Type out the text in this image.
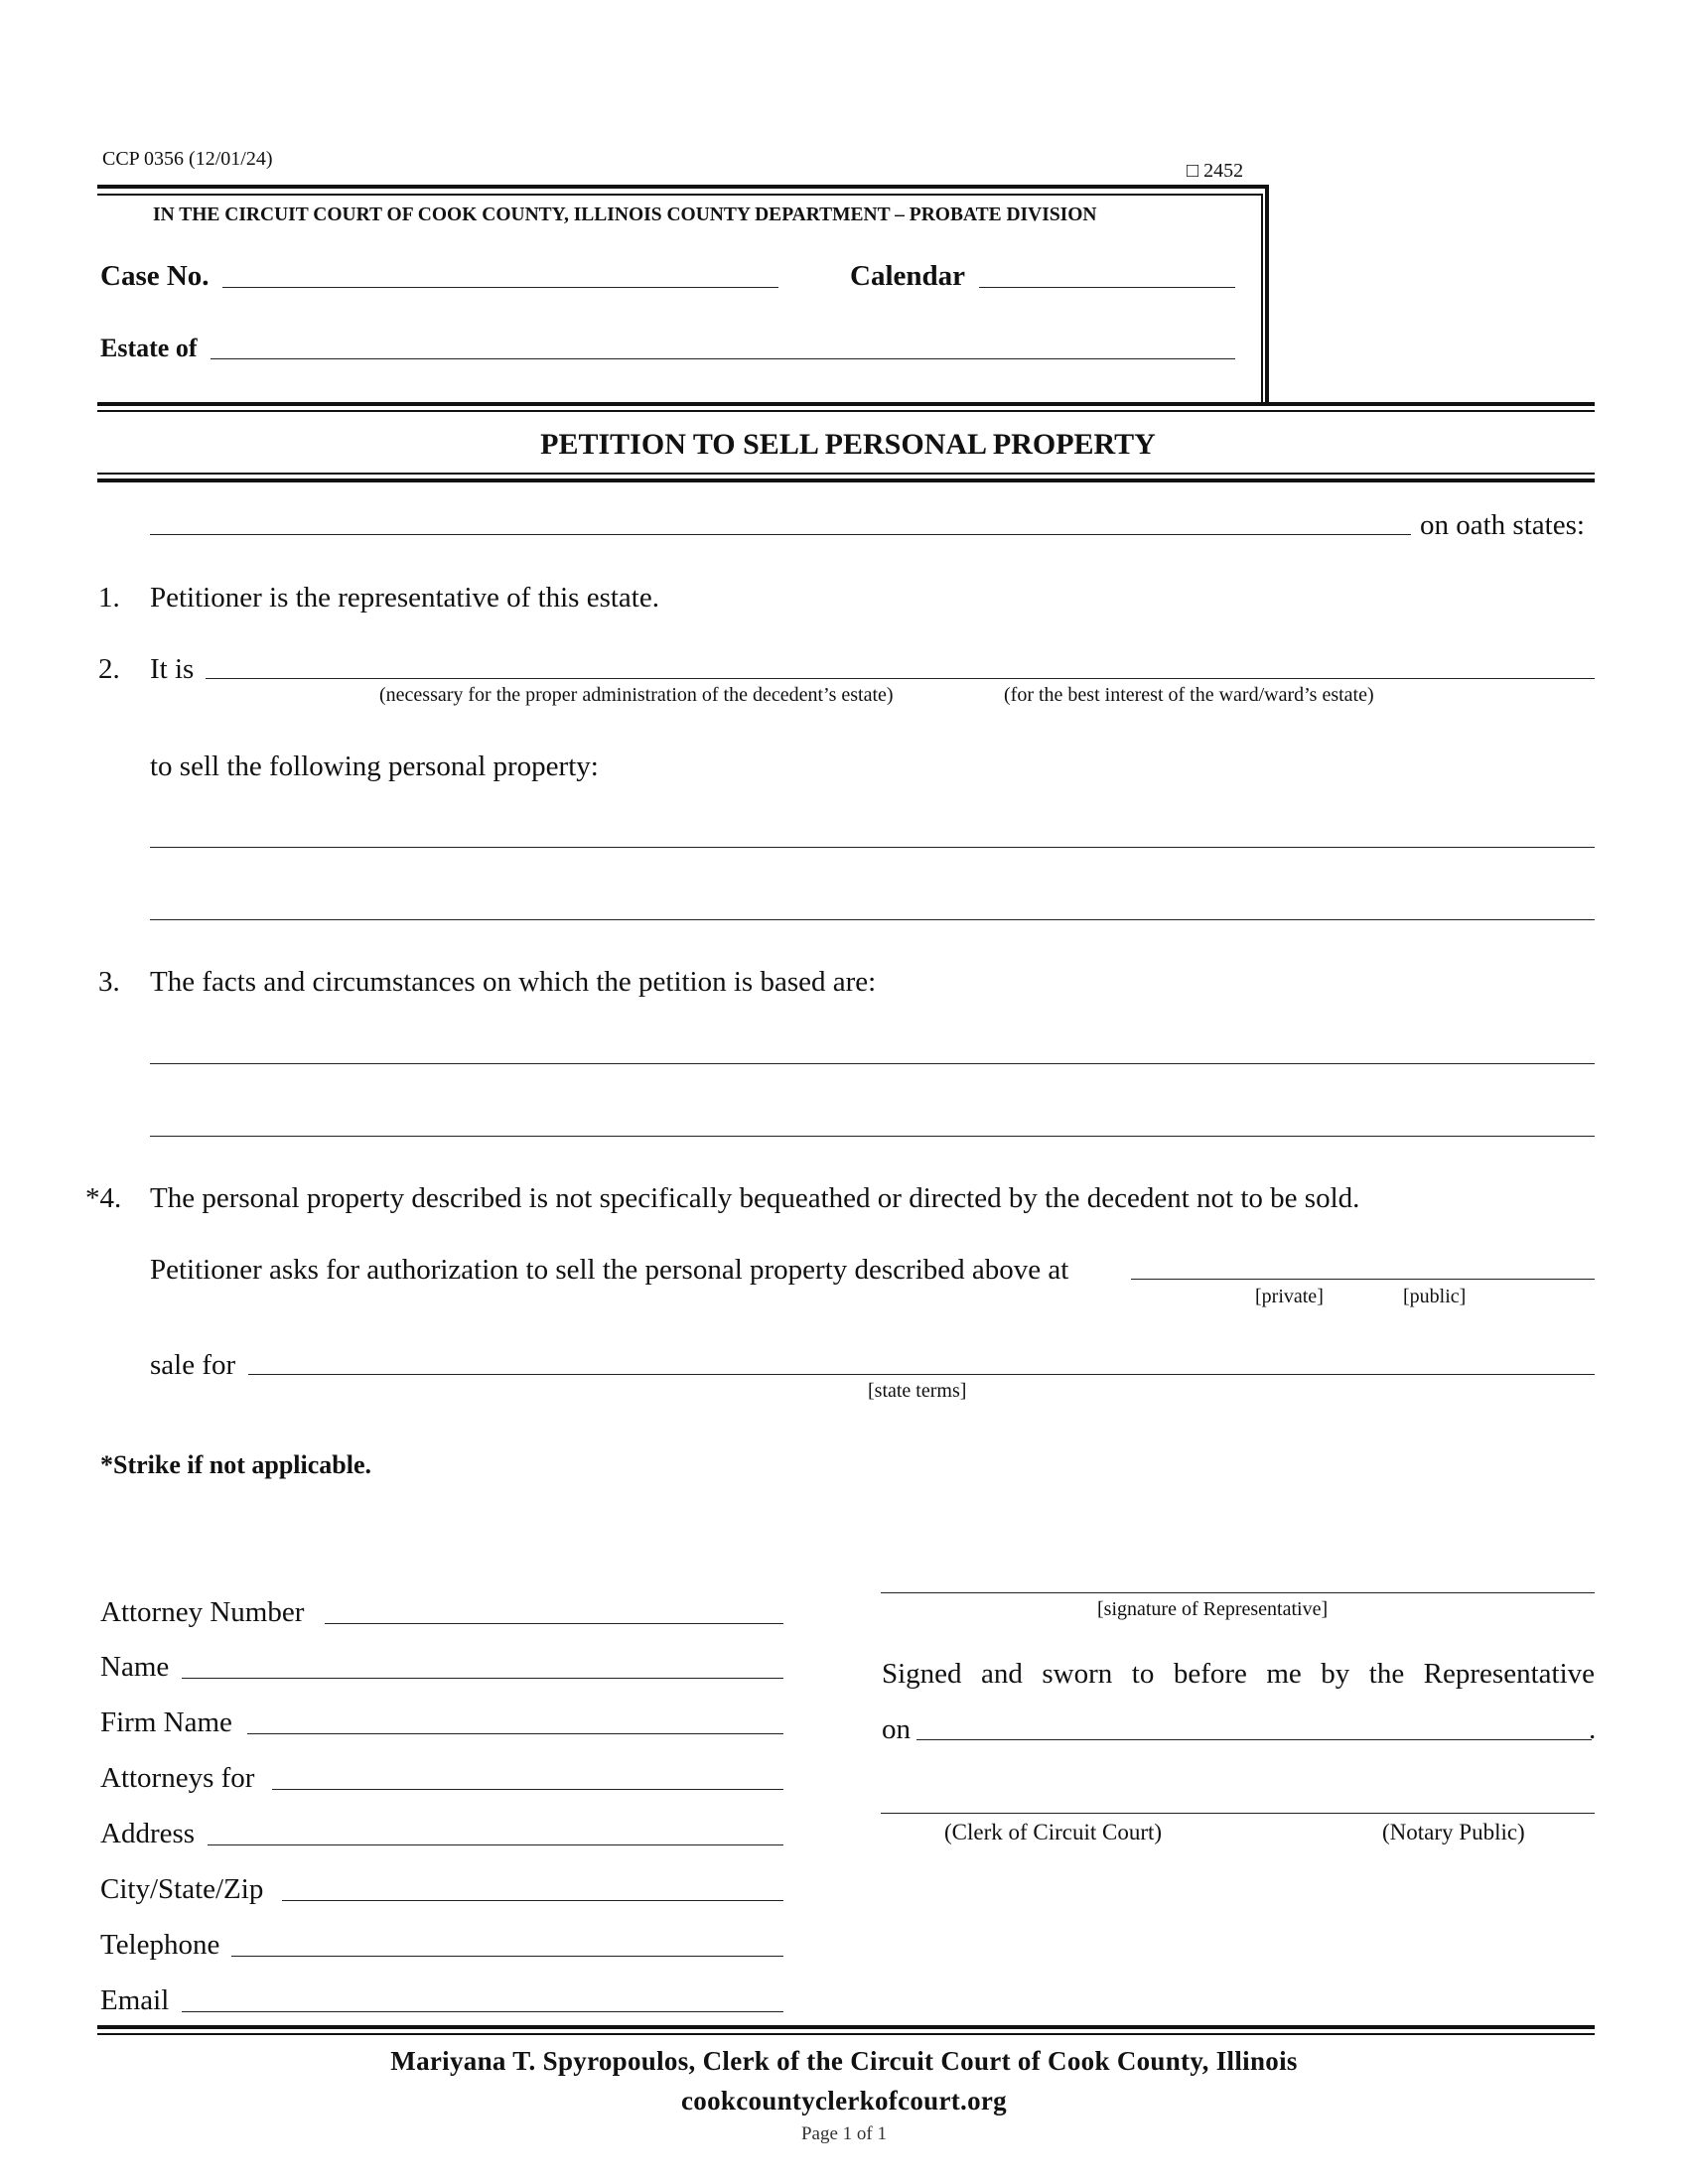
CCP 0356 (12/01/24)
□ 2452
IN THE CIRCUIT COURT OF COOK COUNTY, ILLINOIS COUNTY DEPARTMENT – PROBATE DIVISION
Case No.	Calendar
Estate of
PETITION TO SELL PERSONAL PROPERTY
on oath states:
1. Petitioner is the representative of this estate.
2. It is
(necessary for the proper administration of the decedent’s estate)	(for the best interest of the ward/ward’s estate)
to sell the following personal property:
3. The facts and circumstances on which the petition is based are:
*4. The personal property described is not specifically bequeathed or directed by the decedent not to be sold.
Petitioner asks for authorization to sell the personal property described above at
[private]	[public]
sale for
[state terms]
*Strike if not applicable.
Attorney Number
Name
Firm Name
Attorneys for
Address
City/State/Zip
Telephone
Email
[signature of Representative]
Signed and sworn to before me by the Representative
on	.
(Clerk of Circuit Court)	(Notary Public)
Mariyana T. Spyropoulos, Clerk of the Circuit Court of Cook County, Illinois
cookcountyclerkofcourt.org
Page 1 of 1
